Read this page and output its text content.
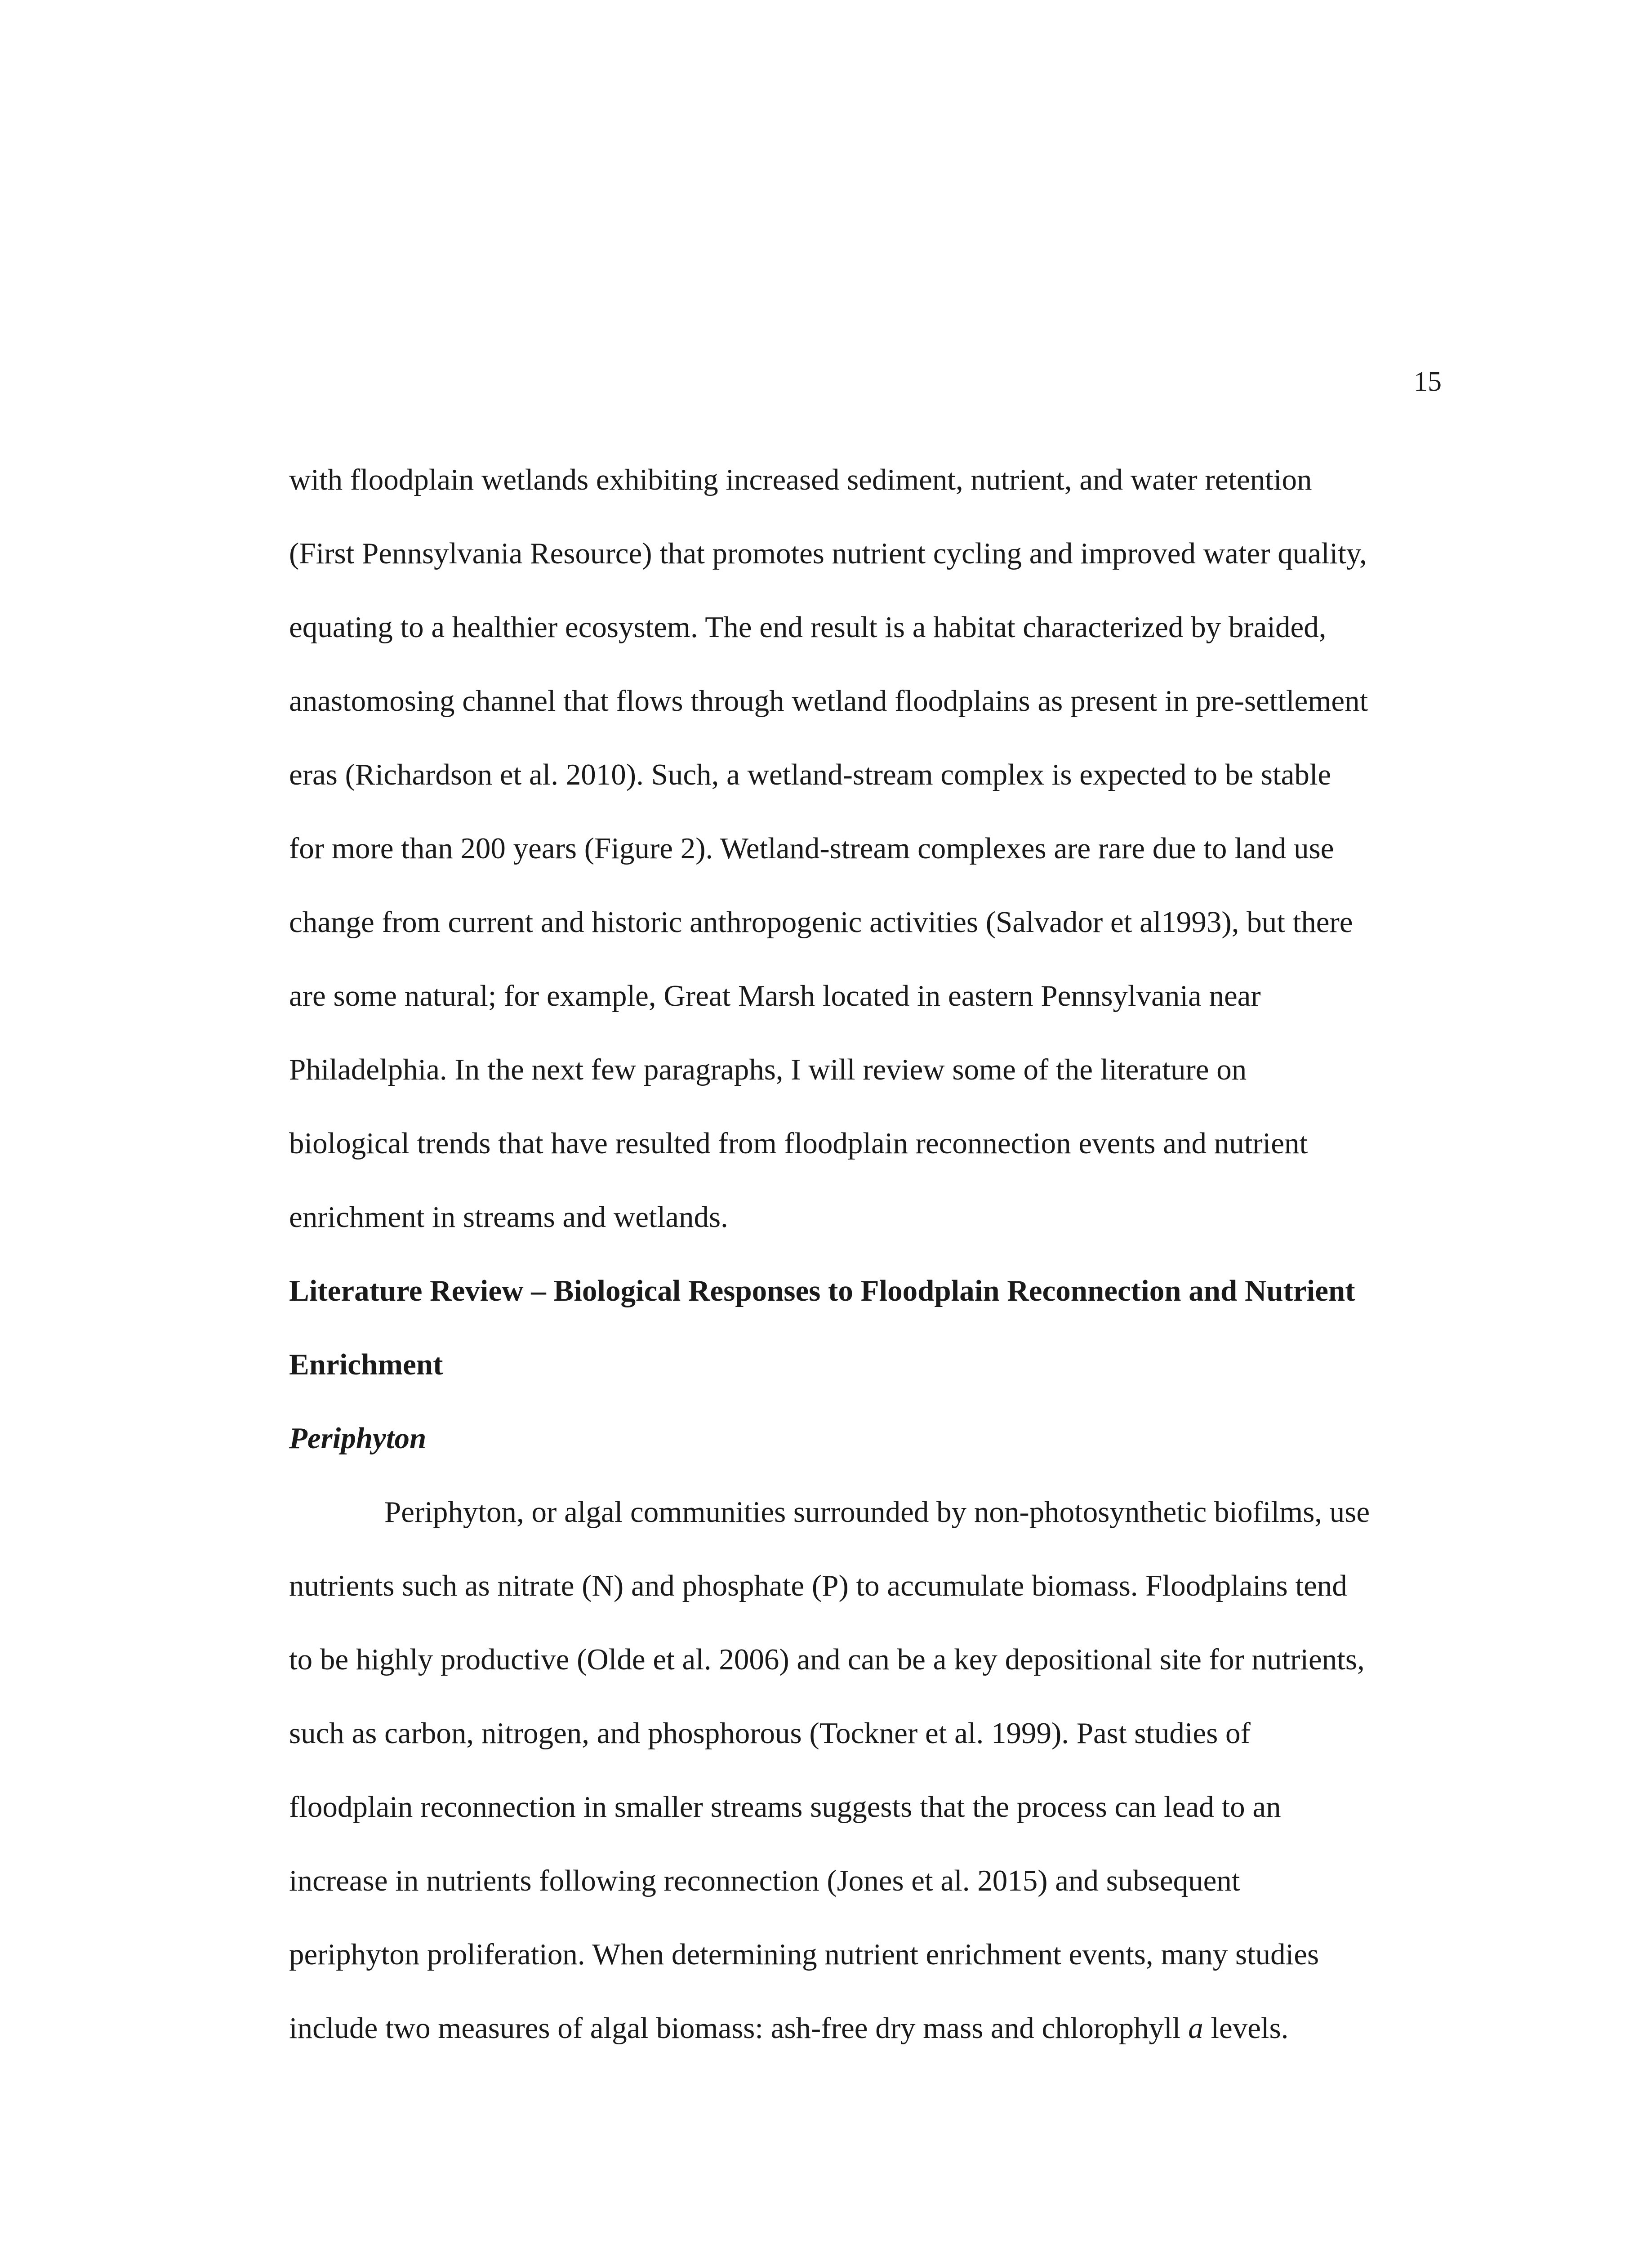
15
with floodplain wetlands exhibiting increased sediment, nutrient, and water retention
(First Pennsylvania Resource) that promotes nutrient cycling and improved water quality,
equating to a healthier ecosystem. The end result is a habitat characterized by braided,
anastomosing channel that flows through wetland floodplains as present in pre-settlement
eras (Richardson et al. 2010). Such, a wetland-stream complex is expected to be stable
for more than 200 years (Figure 2). Wetland-stream complexes are rare due to land use
change from current and historic anthropogenic activities (Salvador et al1993), but there
are some natural; for example, Great Marsh located in eastern Pennsylvania near
Philadelphia. In the next few paragraphs, I will review some of the literature on
biological trends that have resulted from floodplain reconnection events and nutrient
enrichment in streams and wetlands.
Literature Review – Biological Responses to Floodplain Reconnection and Nutrient
Enrichment
Periphyton
Periphyton, or algal communities surrounded by non-photosynthetic biofilms, use
nutrients such as nitrate (N) and phosphate (P) to accumulate biomass. Floodplains tend
to be highly productive (Olde et al. 2006) and can be a key depositional site for nutrients,
such as carbon, nitrogen, and phosphorous (Tockner et al. 1999). Past studies of
floodplain reconnection in smaller streams suggests that the process can lead to an
increase in nutrients following reconnection (Jones et al. 2015) and subsequent
periphyton proliferation. When determining nutrient enrichment events, many studies
include two measures of algal biomass: ash-free dry mass and chlorophyll a levels.
